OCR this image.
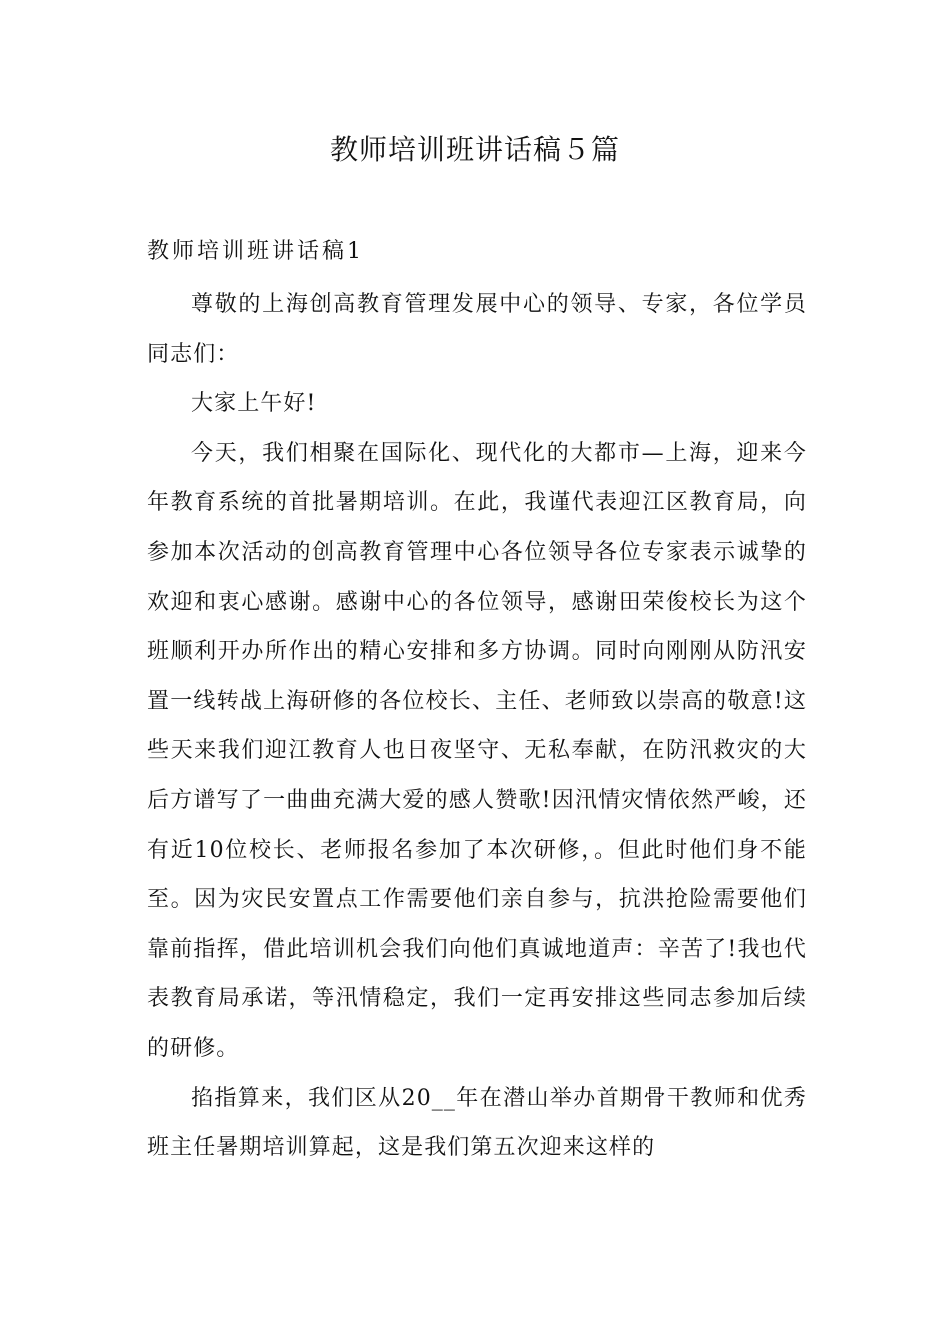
教师培训班讲话稿５篇
教师培训班讲话稿1

尊敬的上海创高教育管理发展中心的领导、专家，各位学员同志们：

大家上午好!

今天，我们相聚在国际化、现代化的大都市—上海，迎来今年教育系统的首批暑期培训。在此，我谨代表迎江区教育局，向参加本次活动的创高教育管理中心各位领导各位专家表示诚挚的欢迎和衷心感谢。感谢中心的各位领导，感谢田荣俊校长为这个班顺利开办所作出的精心安排和多方协调。同时向刚刚从防汛安置一线转战上海研修的各位校长、主任、老师致以崇高的敬意!这些天来我们迎江教育人也日夜坚守、无私奉献，在防汛救灾的大后方谱写了一曲曲充满大爱的感人赞歌!因汛情灾情依然严峻，还有近10位校长、老师报名参加了本次研修，。但此时他们身不能至。因为灾民安置点工作需要他们亲自参与，抗洪抢险需要他们靠前指挥，借此培训机会我们向他们真诚地道声：辛苦了!我也代表教育局承诺，等汛情稳定，我们一定再安排这些同志参加后续的研修。

掐指算来，我们区从20__年在潜山举办首期骨干教师和优秀班主任暑期培训算起，这是我们第五次迎来这样的
